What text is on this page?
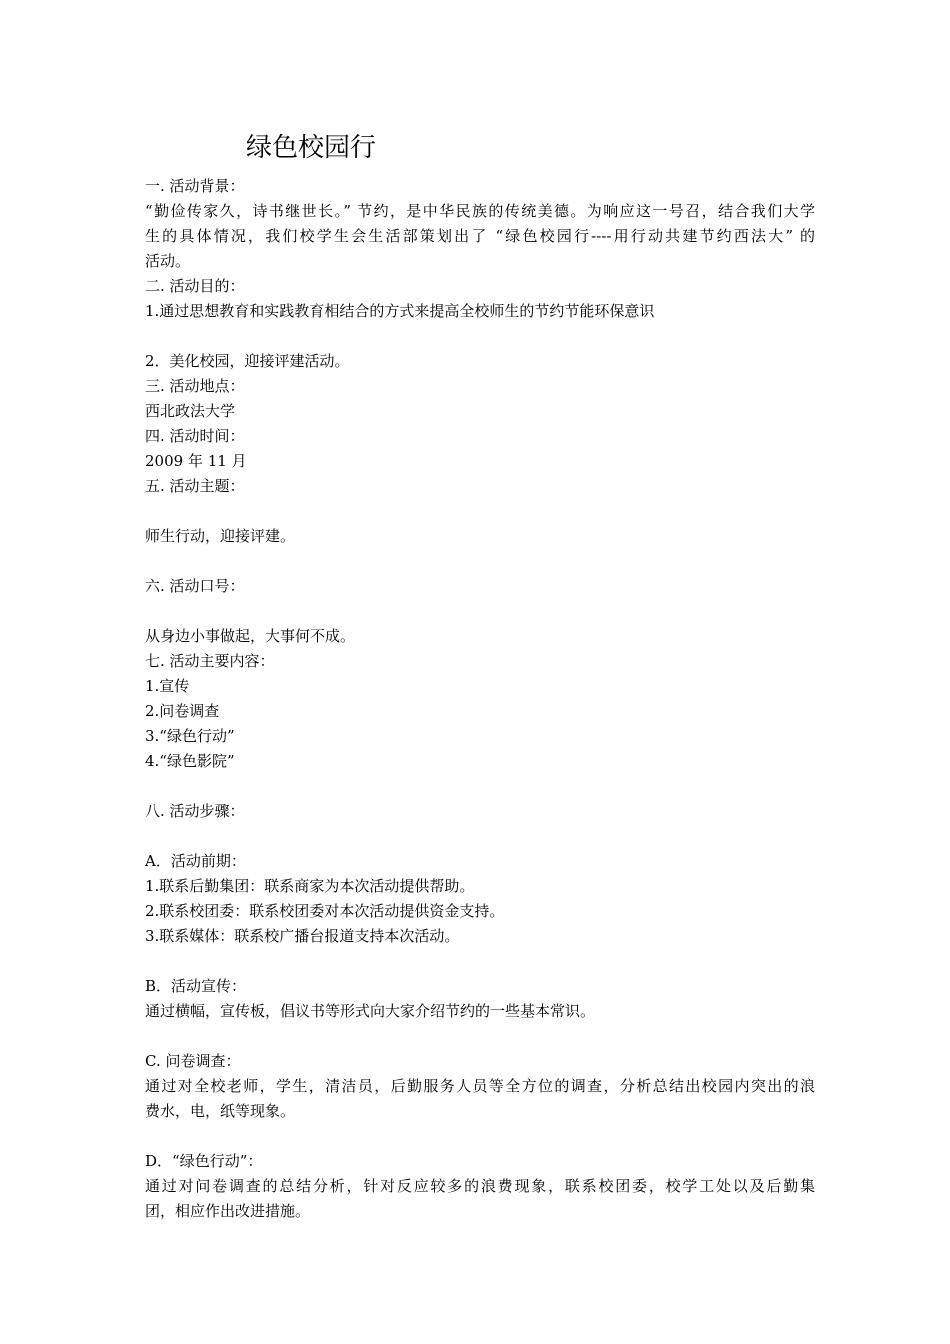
绿色校园行
一. 活动背景：
“勤俭传家久，诗书继世长。” 节约，是中华民族的传统美德。为响应这一号召，结合我们大学
生的具体情况，我们校学生会生活部策划出了 “绿色校园行----用行动共建节约西法大” 的
活动。
二. 活动目的：
1.通过思想教育和实践教育相结合的方式来提高全校师生的节约节能环保意识
2．美化校园，迎接评建活动。
三. 活动地点：
西北政法大学
四. 活动时间：
2009 年 11 月
五. 活动主题：
师生行动，迎接评建。
六. 活动口号：
从身边小事做起，大事何不成。
七. 活动主要内容：
1.宣传
2.问卷调查
3.“绿色行动”
4.“绿色影院”
八. 活动步骤：
A．活动前期：
1.联系后勤集团：联系商家为本次活动提供帮助。
2.联系校团委：联系校团委对本次活动提供资金支持。
3.联系媒体：联系校广播台报道支持本次活动。
B．活动宣传：
通过横幅，宣传板，倡议书等形式向大家介绍节约的一些基本常识。
C. 问卷调查：
通过对全校老师，学生，清洁员，后勤服务人员等全方位的调查，分析总结出校园内突出的浪
费水，电，纸等现象。
D．“绿色行动”：
通过对问卷调查的总结分析，针对反应较多的浪费现象，联系校团委，校学工处以及后勤集
团，相应作出改进措施。
